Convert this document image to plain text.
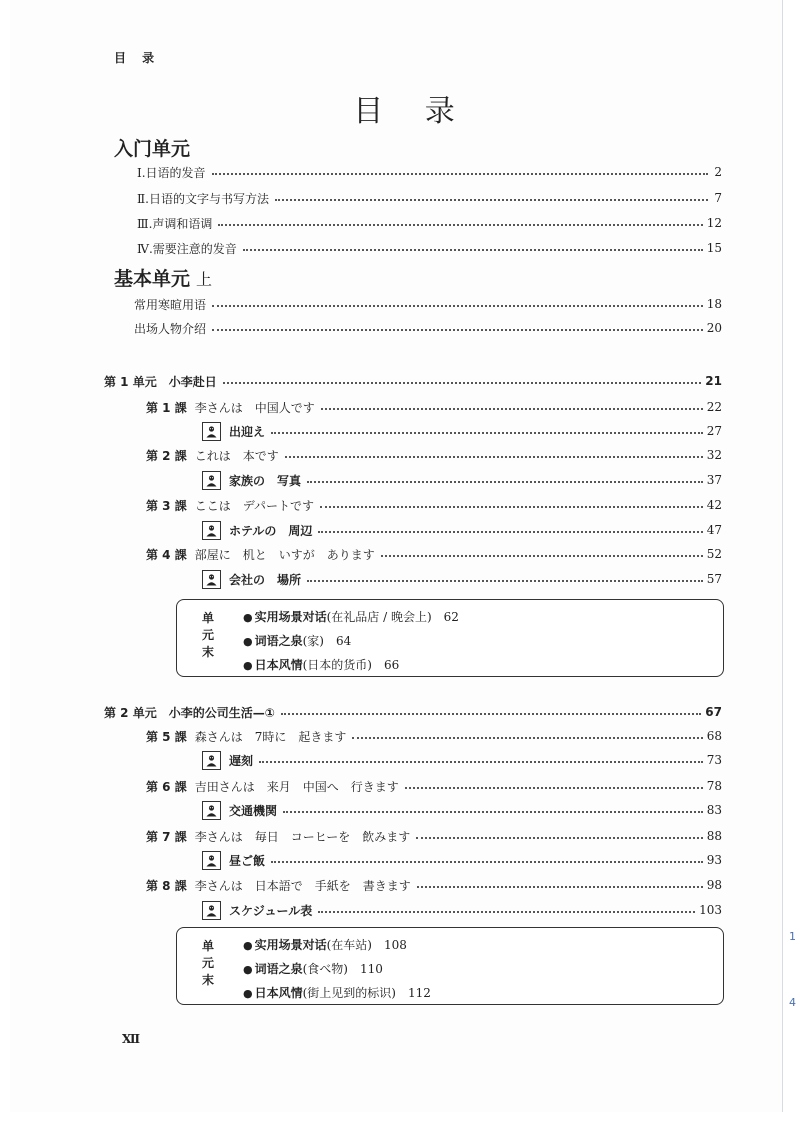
目 录
目 录
入门单元
Ⅰ.日语的发音	2
Ⅱ.日语的文字与书写方法	7
Ⅲ.声调和语调	12
Ⅳ.需要注意的发音	15
基本单元 上
常用寒暄用语	18
出场人物介绍	20
第 1 单元 小李赴日	21
第 1 課 李さんは　中国人です	22
出迎え	27
第 2 課 これは　本です	32
家族の　写真	37
第 3 課 ここは　デパートです	42
ホテルの　周辺	47
第 4 課 部屋に　机と　いすが　あります	52
会社の　場所	57
单元末
● 实用场景对话(在礼品店 / 晚会上) 62
● 词语之泉(家) 64
● 日本风情(日本的货币) 66
第 2 单元 小李的公司生活—①	67
第 5 課 森さんは　7時に　起きます	68
遅刻	73
第 6 課 吉田さんは　来月　中国へ　行きます	78
交通機関	83
第 7 課 李さんは　毎日　コーヒーを　飲みます	88
昼ご飯	93
第 8 課 李さんは　日本語で　手紙を　書きます	98
スケジュール表	103
单元末
● 实用场景对话(在车站) 108
● 词语之泉(食べ物) 110
● 日本风情(街上见到的标识) 112
Ⅻ
1
4
